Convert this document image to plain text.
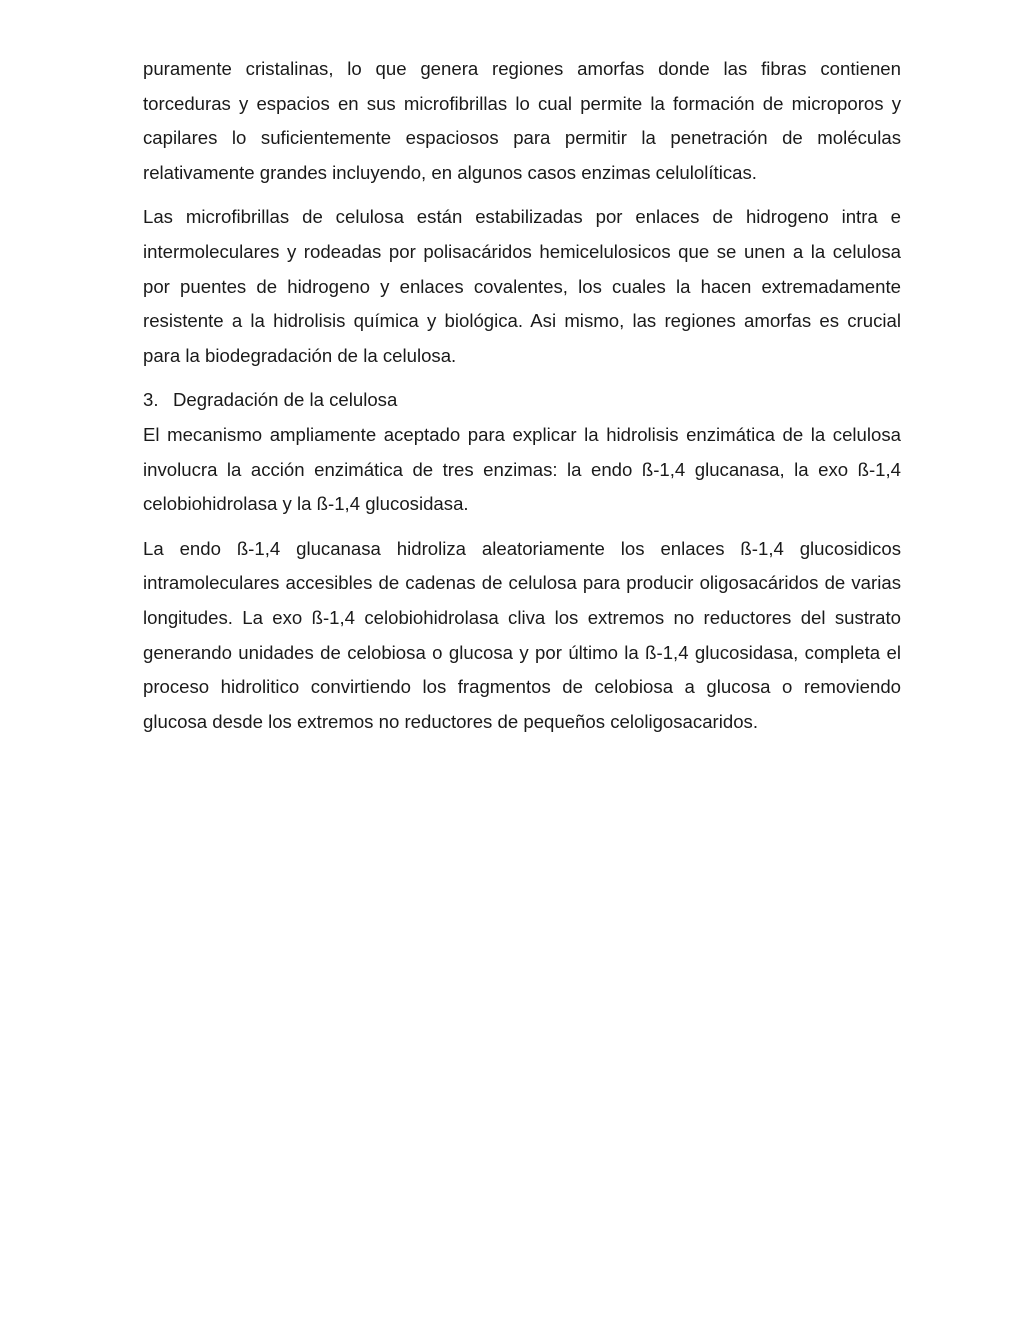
puramente cristalinas, lo que genera regiones amorfas donde las fibras contienen torceduras y espacios en sus microfibrillas lo cual permite la formación de microporos y capilares lo suficientemente espaciosos para permitir la penetración de moléculas relativamente grandes incluyendo, en algunos casos enzimas celulolíticas.

Las microfibrillas de celulosa están estabilizadas por enlaces de hidrogeno intra e intermoleculares y rodeadas por polisacáridos hemicelulosicos que se unen a la celulosa por puentes de hidrogeno y enlaces covalentes, los cuales la hacen extremadamente resistente a la hidrolisis química y biológica. Asi mismo, las regiones amorfas es crucial para la biodegradación de la celulosa.

3. Degradación de la celulosa

El mecanismo ampliamente aceptado para explicar la hidrolisis enzimática de la celulosa involucra la acción enzimática de tres enzimas: la endo ß-1,4 glucanasa, la exo ß-1,4 celobiohidrolasa y la ß-1,4 glucosidasa.

La endo ß-1,4 glucanasa hidroliza aleatoriamente los enlaces ß-1,4 glucosidicos intramoleculares accesibles de cadenas de celulosa para producir oligosacáridos de varias longitudes. La exo ß-1,4 celobiohidrolasa cliva los extremos no reductores del sustrato generando unidades de celobiosa o glucosa y por último la ß-1,4 glucosidasa, completa el proceso hidrolitico convirtiendo los fragmentos de celobiosa a glucosa o removiendo glucosa desde los extremos no reductores de pequeños celoligosacaridos.
